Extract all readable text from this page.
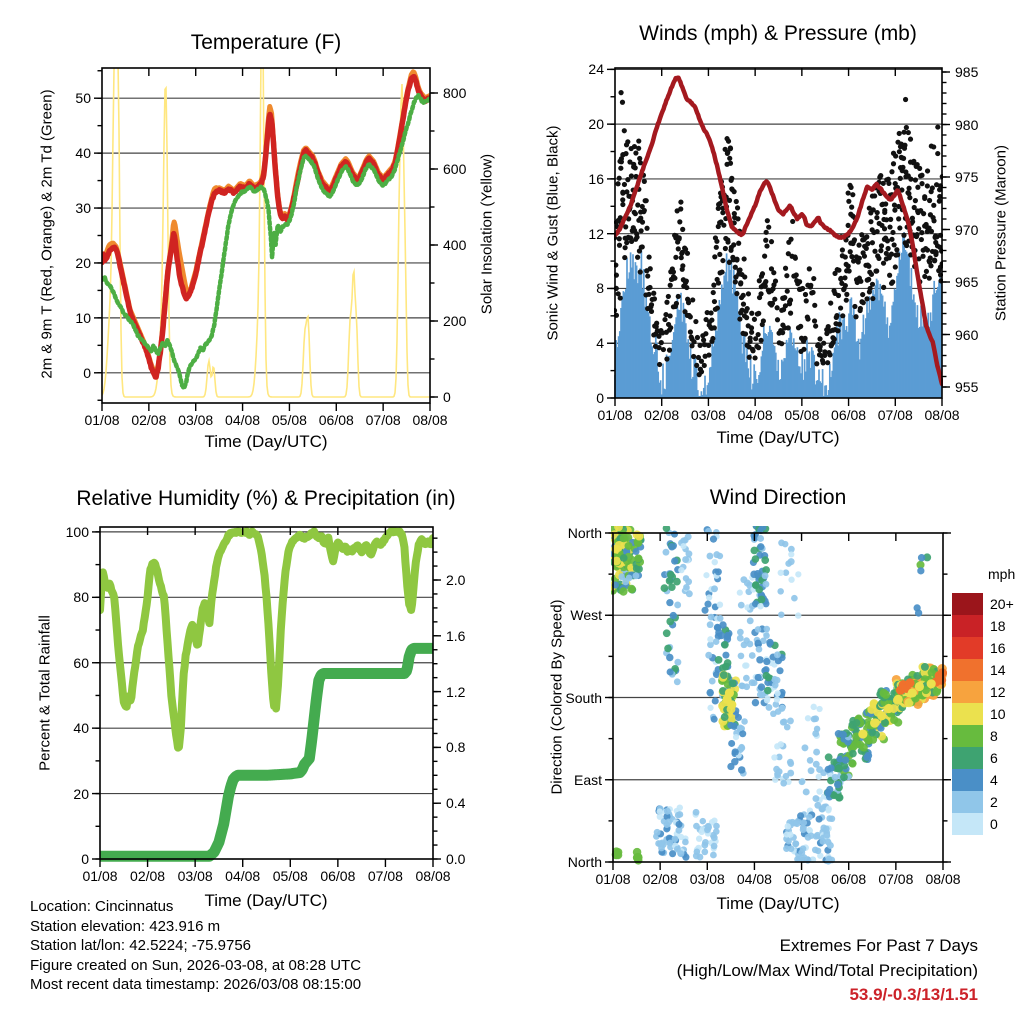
Temperature (F)
2m & 9m T (Red, Orange) & 2m Td (Green)	Solar Insolation (Yellow)
Time (Day/UTC)
Winds (mph) & Pressure (mb)
Sonic Wind & Gust (Blue, Black)	Station Pressure (Maroon)
Time (Day/UTC)
Relative Humidity (%) & Precipitation (in)
Percent & Total Rainfall
Time (Day/UTC)
Wind Direction
Direction (Colored By Speed)
Time (Day/UTC)
mph
20+
18
16
14
12
10
8
6
4
2
0
Location: Cincinnatus
Station elevation: 423.916 m
Station lat/lon: 42.5224; -75.9756
Figure created on Sun, 2026-03-08, at 08:28 UTC
Most recent data timestamp: 2026/03/08 08:15:00
Extremes For Past 7 Days
(High/Low/Max Wind/Total Precipitation)
53.9/-0.3/13/1.51
01/08 02/08 03/08 04/08 05/08 06/08 07/08 08/08
0
10
20
30
40
50
0
200
400
600
800
01/08 02/08 03/08 04/08 05/08 06/08 07/08 08/08
0
4
8
12
16
20
24
955
960
965
970
975
980
985
01/08 02/08 03/08 04/08 05/08 06/08 07/08 08/08
0
20
40
60
80
100
0.0
0.4
0.8
1.2
1.6
2.0
01/08 02/08 03/08 04/08 05/08 06/08 07/08 08/08
North
East
South
West
North
